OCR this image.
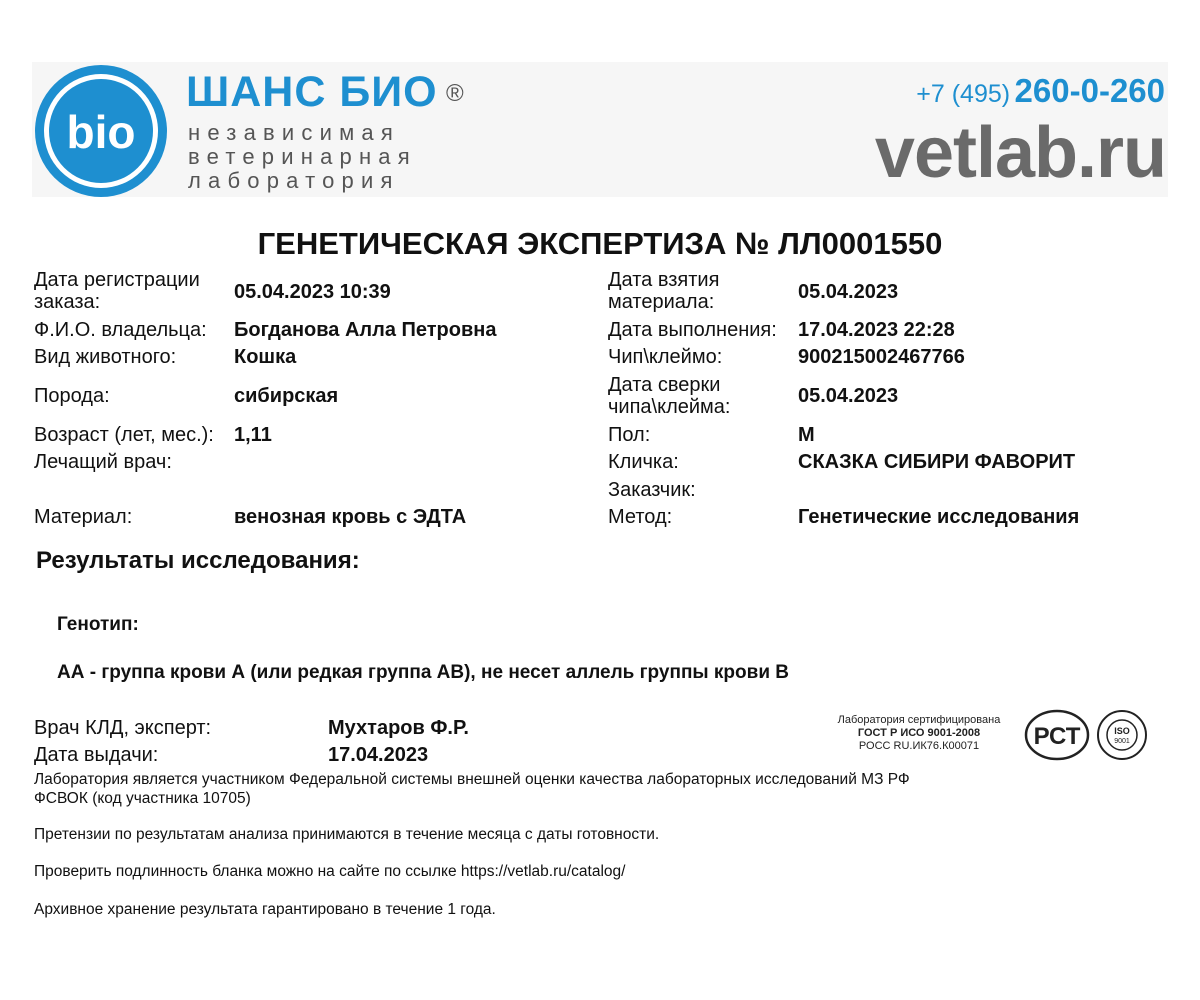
bio
ШАНС БИО ®
независимая
ветеринарная
лаборатория
+7 (495) 260-0-260
vetlab.ru
ГЕНЕТИЧЕСКАЯ ЭКСПЕРТИЗА № ЛЛ0001550
Дата регистрации
заказа:	05.04.2023 10:39
Ф.И.О. владельца: Богданова Алла Петровна
Вид животного:	Кошка
Порода:	сибирская
Возраст (лет, мес.): 1,11
Лечащий врач:
Материал:	венозная кровь с ЭДТА
Дата взятия
материала:	05.04.2023
Дата выполнения: 17.04.2023 22:28
Чип\клеймо:	900215002467766
Дата сверки
чипа\клейма:	05.04.2023
Пол:	М
Кличка:	СКАЗКА СИБИРИ ФАВОРИТ
Заказчик:
Метод:	Генетические исследования
Результаты исследования:
Генотип:
АА - группа крови А (или редкая группа АВ), не несет аллель группы крови В
Врач КЛД, эксперт:	Мухтаров Ф.Р.
Дата выдачи:	17.04.2023
Лаборатория сертифицирована
ГОСТ Р ИСО 9001-2008
РОСС RU.ИК76.К00071	РСТ	ISO
9001
Лаборатория является участником Федеральной системы внешней оценки качества лабораторных исследований МЗ РФ
ФСВОК (код участника 10705)
Претензии по результатам анализа принимаются в течение месяца с даты готовности.
Проверить подлинность бланка можно на сайте по ссылке https://vetlab.ru/catalog/
Архивное хранение результата гарантировано в течение 1 года.
